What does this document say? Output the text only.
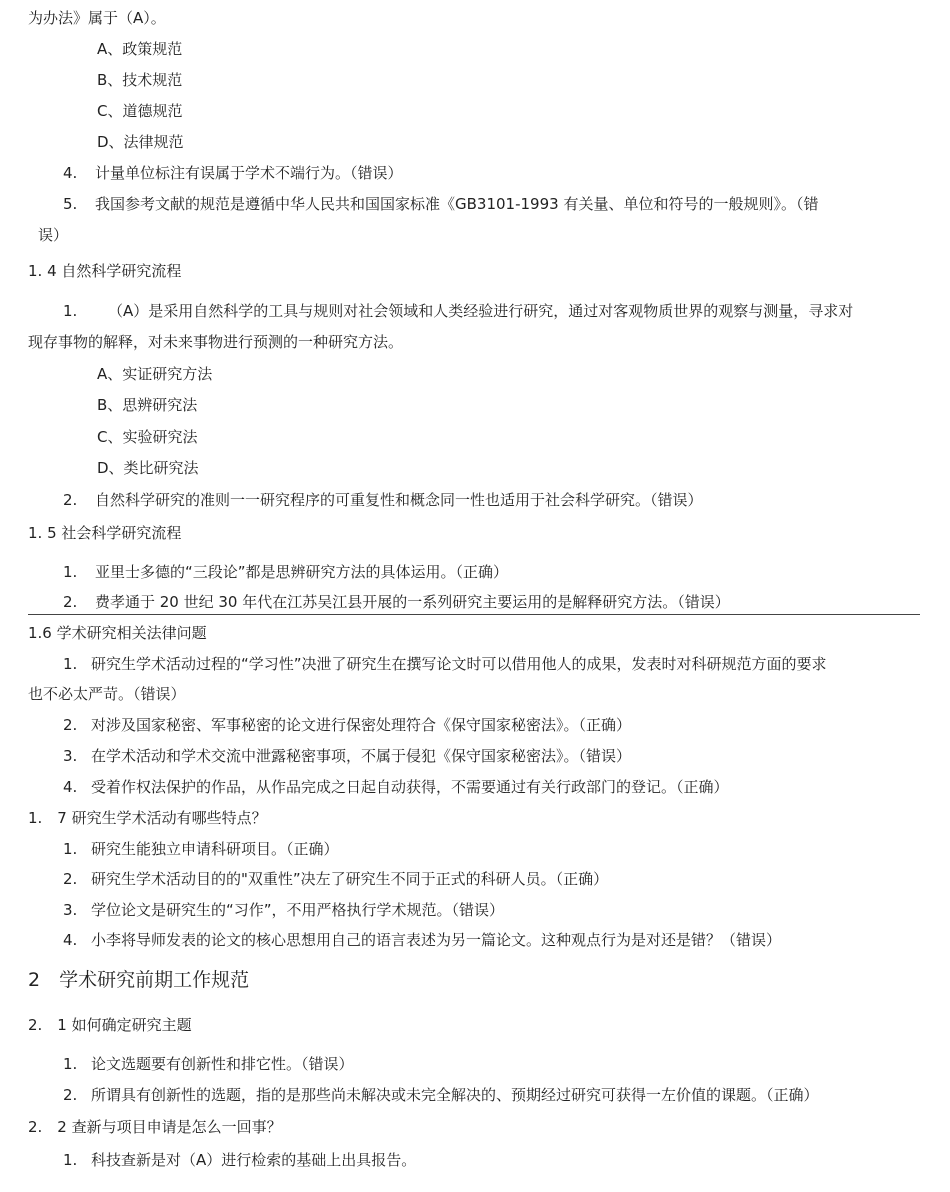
为办法》属于（A）。
A、政策规范
B、技术规范
C、道德规范
D、法律规范
4. 计量单位标注有误属于学术不端行为。（错误）
5. 我国参考文献的规范是遵循中华人民共和国国家标准《GB3101-1993 有关量、单位和符号的一般规则》。（错
误）
1. 4 自然科学研究流程
1. （A）是采用自然科学的工具与规则对社会领域和人类经验进行研究，通过对客观物质世界的观察与测量，寻求对
现存事物的解释，对未来事物进行预测的一种研究方法。
A、实证研究方法
B、思辨研究法
C、实验研究法
D、类比研究法
2. 自然科学研究的准则一一研究程序的可重复性和概念同一性也适用于社会科学研究。（错误）
1. 5 社会科学研究流程
1. 亚里士多德的“三段论”都是思辨研究方法的具体运用。（正确）
2. 费孝通于 20 世纪 30 年代在江苏吴江县开展的一系列研究主要运用的是解释研究方法。（错误）
1.6 学术研究相关法律问题
1. 研究生学术活动过程的“学习性”决泄了研究生在撰写论文时可以借用他人的成果，发表时对科研规范方面的要求
也不必太严苛。（错误）
2. 对涉及国家秘密、军事秘密的论文进行保密处理符合《保守国家秘密法》。（正确）
3. 在学术活动和学术交流中泄露秘密事项，不属于侵犯《保守国家秘密法》。（错误）
4. 受着作权法保护的作品，从作品完成之日起自动获得，不需要通过有关行政部门的登记。（正确）
1.　7 研究生学术活动有哪些特点？
1. 研究生能独立申请科研项目。（正确）
2. 研究生学术活动目的的"双重性”决左了研究生不同于正式的科研人员。（正确）
3. 学位论文是研究生的“习作”，不用严格执行学术规范。（错误）
4. 小李将导师发表的论文的核心思想用自己的语言表述为另一篇论文。这种观点行为是对还是错？（错误）
2　学术研究前期工作规范
2.　1 如何确定研究主题
1. 论文选题要有创新性和排它性。（错误）
2. 所谓具有创新性的选题，指的是那些尚未解决或未完全解决的、预期经过研究可获得一左价值的课题。（正确）
2.　2 查新与项目申请是怎么一回事？
1. 科技查新是对（A）进行检索的基础上出具报告。
